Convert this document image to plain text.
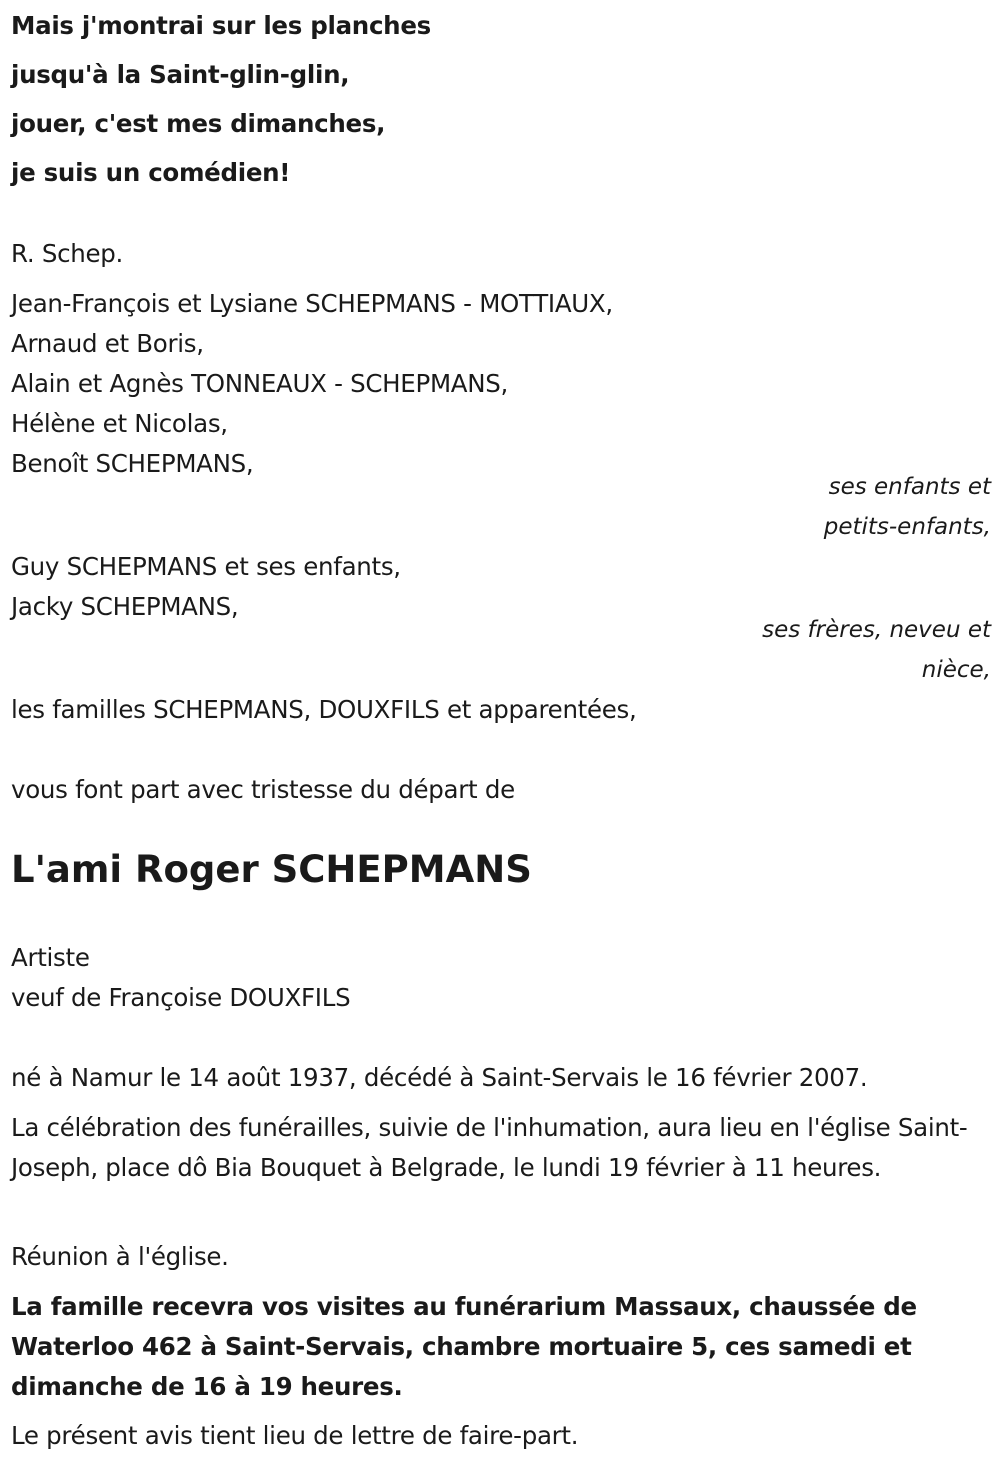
Mais j'montrai sur les planches
jusqu'à la Saint-glin-glin,
jouer, c'est mes dimanches,
je suis un comédien!
R. Schep.
Jean-François et Lysiane SCHEPMANS - MOTTIAUX,
Arnaud et Boris,
Alain et Agnès TONNEAUX - SCHEPMANS,
Hélène et Nicolas,
Benoît SCHEPMANS,
ses enfants et
petits-enfants,
Guy SCHEPMANS et ses enfants,
Jacky SCHEPMANS,
ses frères, neveu et
nièce,
les familles SCHEPMANS, DOUXFILS et apparentées,
vous font part avec tristesse du départ de
L'ami Roger SCHEPMANS
Artiste
veuf de Françoise DOUXFILS
né à Namur le 14 août 1937, décédé à Saint-Servais le 16 février 2007.
La célébration des funérailles, suivie de l'inhumation, aura lieu en l'église Saint-Joseph, place dô Bia Bouquet à Belgrade, le lundi 19 février à 11 heures.
Réunion à l'église.
La famille recevra vos visites au funérarium Massaux, chaussée de Waterloo 462 à Saint-Servais, chambre mortuaire 5, ces samedi et dimanche de 16 à 19 heures.
Le présent avis tient lieu de lettre de faire-part.
